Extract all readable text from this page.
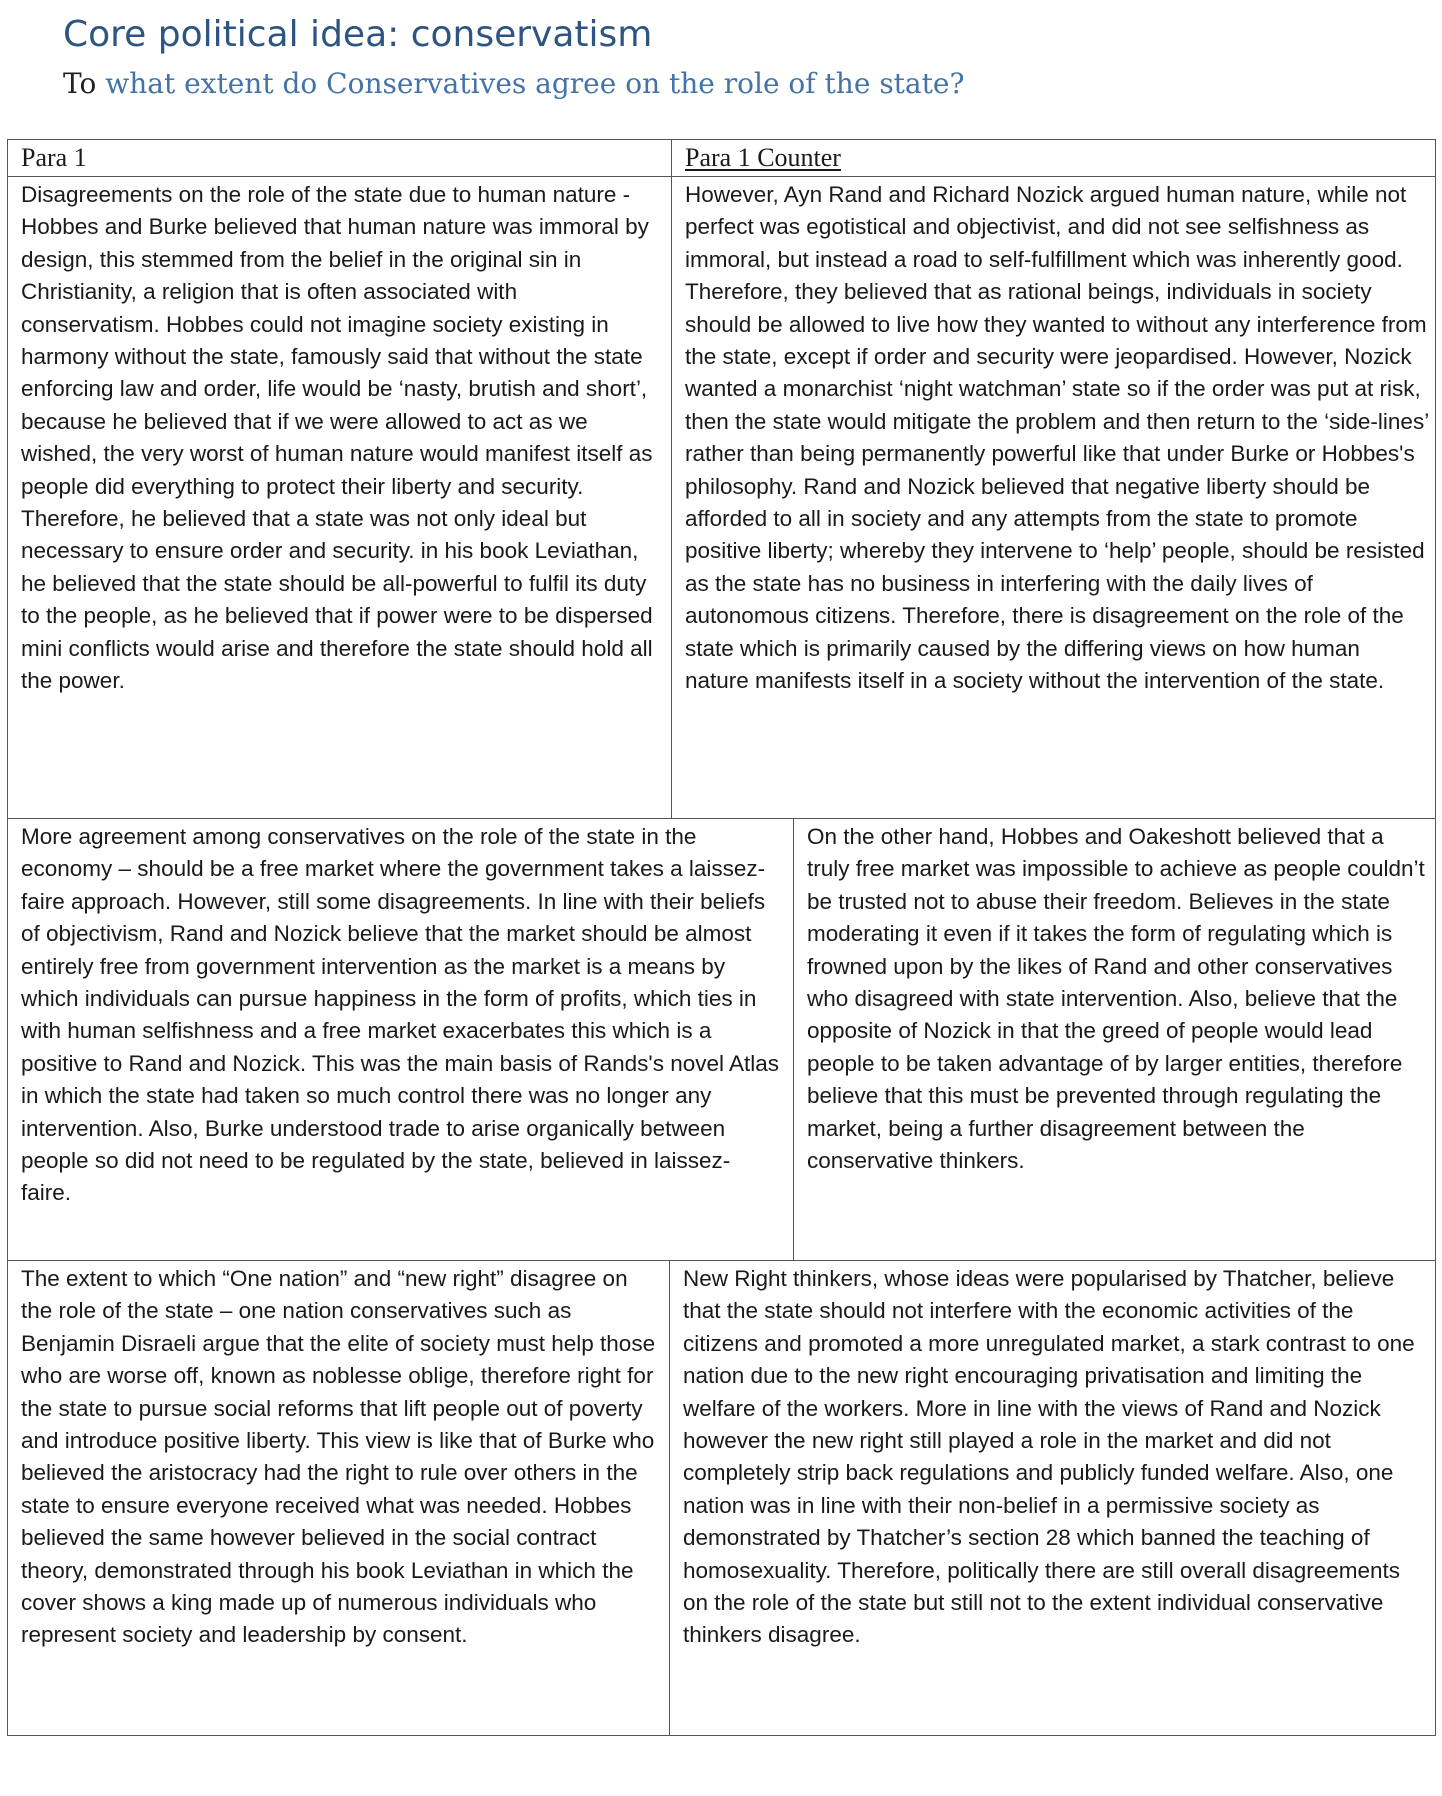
Core political idea: conservatism
To what extent do Conservatives agree on the role of the state?
Para 1	Para 1 Counter
Disagreements on the role of the state due to human nature - Hobbes and Burke believed that human nature was immoral by design, this stemmed from the belief in the original sin in Christianity, a religion that is often associated with conservatism. Hobbes could not imagine society existing in harmony without the state, famously said that without the state enforcing law and order, life would be ‘nasty, brutish and short’, because he believed that if we were allowed to act as we wished, the very worst of human nature would manifest itself as people did everything to protect their liberty and security. Therefore, he believed that a state was not only ideal but necessary to ensure order and security. in his book Leviathan, he believed that the state should be all-powerful to fulfil its duty to the people, as he believed that if power were to be dispersed mini conflicts would arise and therefore the state should hold all the power.
However, Ayn Rand and Richard Nozick argued human nature, while not perfect was egotistical and objectivist, and did not see selfishness as immoral, but instead a road to self-fulfillment which was inherently good. Therefore, they believed that as rational beings, individuals in society should be allowed to live how they wanted to without any interference from the state, except if order and security were jeopardised. However, Nozick wanted a monarchist ‘night watchman’ state so if the order was put at risk, then the state would mitigate the problem and then return to the ‘side-lines’ rather than being permanently powerful like that under Burke or Hobbes's philosophy. Rand and Nozick believed that negative liberty should be afforded to all in society and any attempts from the state to promote positive liberty; whereby they intervene to ‘help’ people, should be resisted as the state has no business in interfering with the daily lives of autonomous citizens. Therefore, there is disagreement on the role of the state which is primarily caused by the differing views on how human nature manifests itself in a society without the intervention of the state.
More agreement among conservatives on the role of the state in the economy – should be a free market where the government takes a laissez-faire approach. However, still some disagreements. In line with their beliefs of objectivism, Rand and Nozick believe that the market should be almost entirely free from government intervention as the market is a means by which individuals can pursue happiness in the form of profits, which ties in with human selfishness and a free market exacerbates this which is a positive to Rand and Nozick. This was the main basis of Rands's novel Atlas in which the state had taken so much control there was no longer any intervention. Also, Burke understood trade to arise organically between people so did not need to be regulated by the state, believed in laissez-faire.
On the other hand, Hobbes and Oakeshott believed that a truly free market was impossible to achieve as people couldn’t be trusted not to abuse their freedom. Believes in the state moderating it even if it takes the form of regulating which is frowned upon by the likes of Rand and other conservatives who disagreed with state intervention. Also, believe that the opposite of Nozick in that the greed of people would lead people to be taken advantage of by larger entities, therefore believe that this must be prevented through regulating the market, being a further disagreement between the conservative thinkers.
The extent to which “One nation” and “new right” disagree on the role of the state – one nation conservatives such as Benjamin Disraeli argue that the elite of society must help those who are worse off, known as noblesse oblige, therefore right for the state to pursue social reforms that lift people out of poverty and introduce positive liberty. This view is like that of Burke who believed the aristocracy had the right to rule over others in the state to ensure everyone received what was needed. Hobbes believed the same however believed in the social contract theory, demonstrated through his book Leviathan in which the cover shows a king made up of numerous individuals who represent society and leadership by consent.
New Right thinkers, whose ideas were popularised by Thatcher, believe that the state should not interfere with the economic activities of the citizens and promoted a more unregulated market, a stark contrast to one nation due to the new right encouraging privatisation and limiting the welfare of the workers. More in line with the views of Rand and Nozick however the new right still played a role in the market and did not completely strip back regulations and publicly funded welfare. Also, one nation was in line with their non-belief in a permissive society as demonstrated by Thatcher’s section 28 which banned the teaching of homosexuality. Therefore, politically there are still overall disagreements on the role of the state but still not to the extent individual conservative thinkers disagree.
